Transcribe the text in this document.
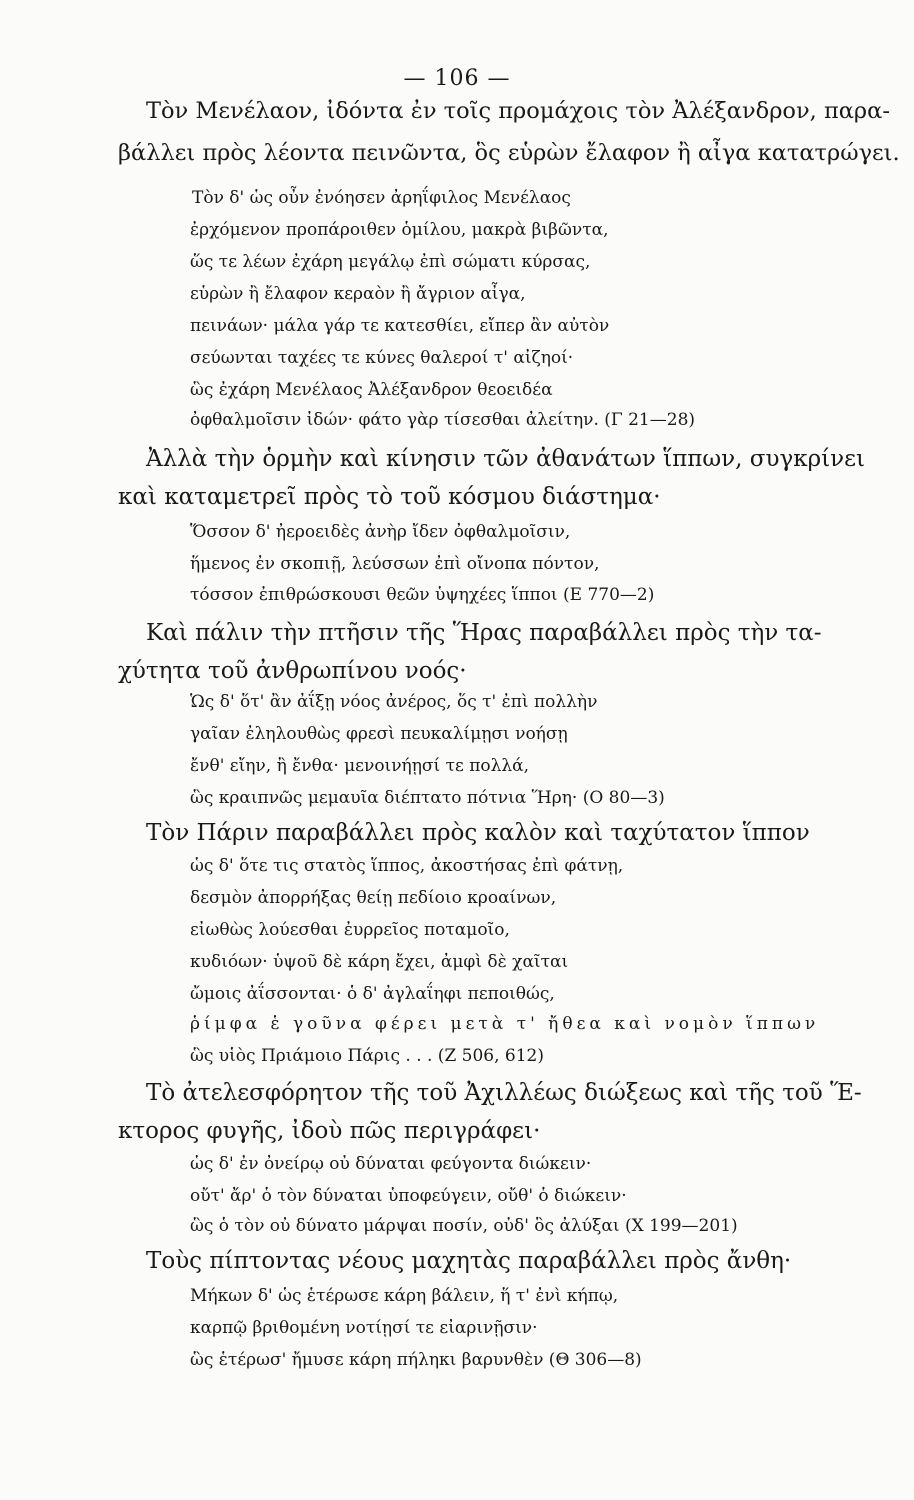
— 106 —
Τὸν Μενέλαον, ἰδόντα ἐν τοῖς προμάχοις τὸν Ἀλέξανδρον, παρα-
βάλλει πρὸς λέοντα πεινῶντα, ὃς εὑρὼν ἔλαφον ἢ αἶγα κατατρώγει.
Τὸν δ' ὡς οὖν ἐνόησεν ἀρηΐφιλος Μενέλαος
ἐρχόμενον προπάροιθεν ὁμίλου, μακρὰ βιβῶντα,
ὥς τε λέων ἐχάρη μεγάλῳ ἐπὶ σώματι κύρσας,
εὑρὼν ἢ ἔλαφον κεραὸν ἢ ἄγριον αἶγα,
πεινάων· μάλα γάρ τε κατεσθίει, εἴπερ ἂν αὐτὸν
σεύωνται ταχέες τε κύνες θαλεροί τ' αἰζηοί·
ὣς ἐχάρη Μενέλαος Ἀλέξανδρον θεοειδέα
ὀφθαλμοῖσιν ἰδών· φάτο γὰρ τίσεσθαι ἀλείτην. (Γ 21—28)
Ἀλλὰ τὴν ὁρμὴν καὶ κίνησιν τῶν ἀθανάτων ἵππων, συγκρίνει
καὶ καταμετρεῖ πρὸς τὸ τοῦ κόσμου διάστημα·
Ὅσσον δ' ἠεροειδὲς ἀνὴρ ἴδεν ὀφθαλμοῖσιν,
ἥμενος ἐν σκοπιῇ, λεύσσων ἐπὶ οἴνοπα πόντον,
τόσσον ἐπιθρώσκουσι θεῶν ὑψηχέες ἵπποι (Ε 770—2)
Καὶ πάλιν τὴν πτῆσιν τῆς Ἥρας παραβάλλει πρὸς τὴν τα-
χύτητα τοῦ ἀνθρωπίνου νοός·
Ὡς δ' ὅτ' ἂν ἀΐξῃ νόος ἀνέρος, ὅς τ' ἐπὶ πολλὴν
γαῖαν ἐληλουθὼς φρεσὶ πευκαλίμῃσι νοήσῃ
ἔνθ' εἴην, ἢ ἔνθα· μενοινήῃσί τε πολλά,
ὣς κραιπνῶς μεμαυῖα διέπτατο πότνια Ἥρη· (Ο 80—3)
Τὸν Πάριν παραβάλλει πρὸς καλὸν καὶ ταχύτατον ἵππον
ὡς δ' ὅτε τις στατὸς ἵππος, ἀκοστήσας ἐπὶ φάτνῃ,
δεσμὸν ἀπορρήξας θείῃ πεδίοιο κροαίνων,
εἰωθὼς λούεσθαι ἐυρρεῖος ποταμοῖο,
κυδιόων· ὑψοῦ δὲ κάρη ἔχει, ἀμφὶ δὲ χαῖται
ὤμοις ἀΐσσονται· ὁ δ' ἀγλαΐηφι πεποιθώς,
ῥίμφα ἑ γοῦνα φέρει μετὰ τ' ἤθεα καὶ νομὸν ἵππων
ὣς υἱὸς Πριάμοιο Πάρις . . . (Ζ 506, 612)
Τὸ ἀτελεσφόρητον τῆς τοῦ Ἀχιλλέως διώξεως καὶ τῆς τοῦ Ἕ-
κτορος φυγῆς, ἰδοὺ πῶς περιγράφει·
ὡς δ' ἐν ὀνείρῳ οὐ δύναται φεύγοντα διώκειν·
οὔτ' ἄρ' ὁ τὸν δύναται ὑποφεύγειν, οὔθ' ὁ διώκειν·
ὣς ὁ τὸν οὐ δύνατο μάρψαι ποσίν, οὐδ' ὃς ἀλύξαι (Χ 199—201)
Τοὺς πίπτοντας νέους μαχητὰς παραβάλλει πρὸς ἄνθη·
Μήκων δ' ὡς ἑτέρωσε κάρη βάλειν, ἥ τ' ἐνὶ κήπῳ,
καρπῷ βριθομένη νοτίῃσί τε εἰαρινῇσιν·
ὣς ἑτέρωσ' ἤμυσε κάρη πήληκι βαρυνθὲν (Θ 306—8)
